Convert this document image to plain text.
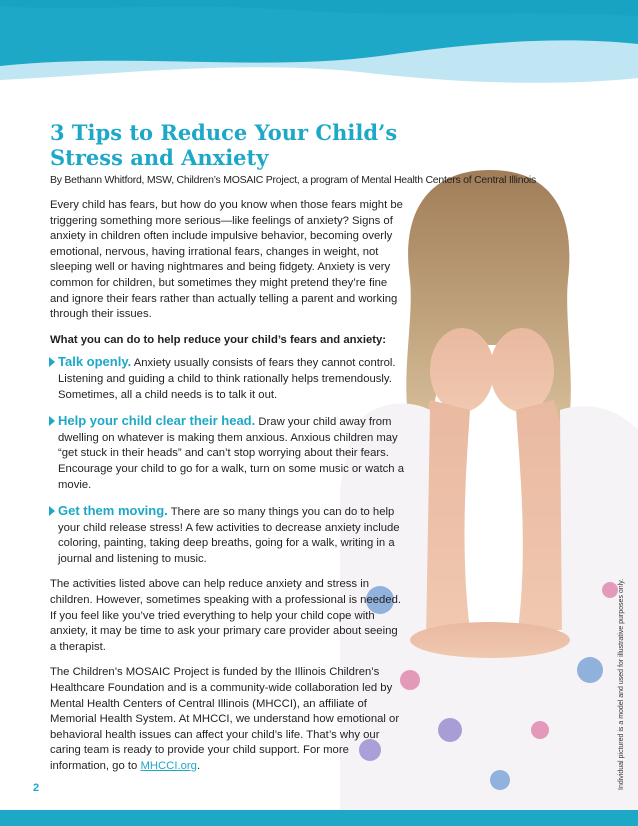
Individual pictured is a model and used for illustrative purposes only.
3 Tips to Reduce Your Child’s
Stress and Anxiety
By Bethann Whitford, MSW, Children’s MOSAIC Project, a program of Mental Health Centers of Central Illinois

Every child has fears, but how do you know when those fears might be triggering something more serious—like feelings of anxiety? Signs of anxiety in children often include impulsive behavior, becoming overly emotional, nervous, having irrational fears, changes in weight, not sleeping well or having nightmares and being fidgety. Anxiety is very common for children, but sometimes they might pretend they’re fine and ignore their fears rather than actually telling a parent and working through their issues.

What you can do to help reduce your child’s fears and anxiety:

Talk openly. Anxiety usually consists of fears they cannot control. Listening and guiding a child to think rationally helps tremendously. Sometimes, all a child needs is to talk it out.
Help your child clear their head. Draw your child away from dwelling on whatever is making them anxious. Anxious children may “get stuck in their heads” and can’t stop worrying about their fears. Encourage your child to go for a walk, turn on some music or watch a movie.
Get them moving. There are so many things you can do to help your child release stress! A few activities to decrease anxiety include coloring, painting, taking deep breaths, going for a walk, writing in a journal and listening to music.

The activities listed above can help reduce anxiety and stress in children. However, sometimes speaking with a professional is needed. If you feel like you’ve tried everything to help your child cope with anxiety, it may be time to ask your primary care provider about seeing a therapist.

The Children’s MOSAIC Project is funded by the Illinois Children’s Healthcare Foundation and is a community-wide collaboration led by Mental Health Centers of Central Illinois (MHCCI), an affiliate of Memorial Health System. At MHCCI, we understand how emotional or behavioral health issues can affect your child’s life. That’s why our caring team is ready to provide your child support. For more information, go to MHCCI.org.

2
